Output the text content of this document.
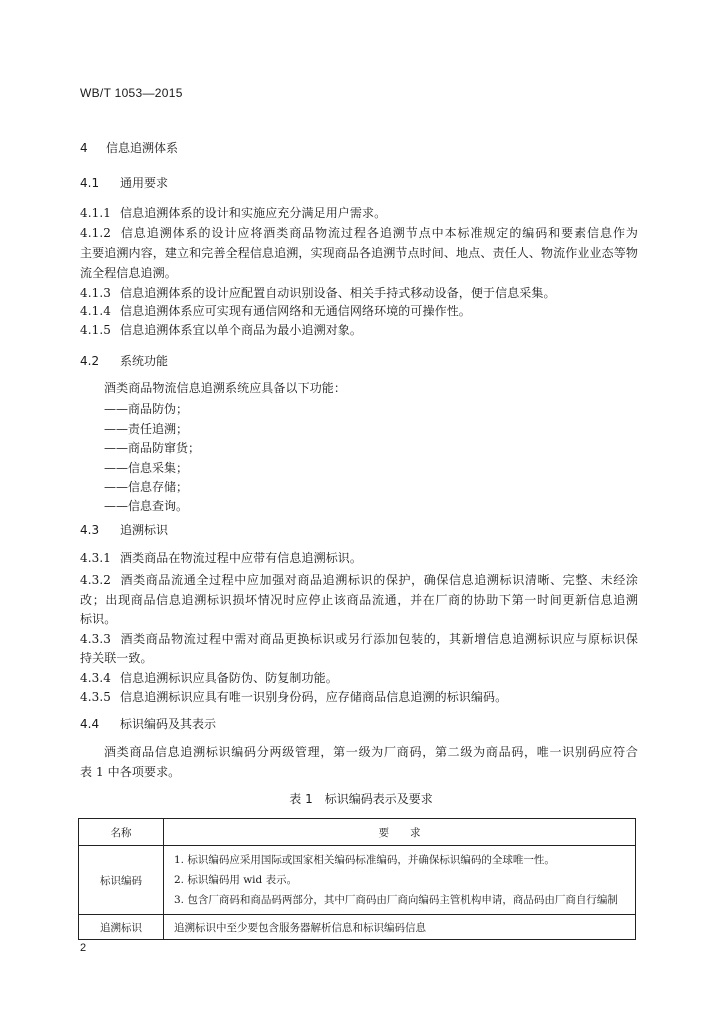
WB/T 1053—2015
4 信息追溯体系
4.1 通用要求
4.1.1 信息追溯体系的设计和实施应充分满足用户需求。
4.1.2 信息追溯体系的设计应将酒类商品物流过程各追溯节点中本标准规定的编码和要素信息作为
主要追溯内容，建立和完善全程信息追溯，实现商品各追溯节点时间、地点、责任人、物流作业业态等物
流全程信息追溯。
4.1.3 信息追溯体系的设计应配置自动识别设备、相关手持式移动设备，便于信息采集。
4.1.4 信息追溯体系应可实现有通信网络和无通信网络环境的可操作性。
4.1.5 信息追溯体系宜以单个商品为最小追溯对象。
4.2 系统功能
酒类商品物流信息追溯系统应具备以下功能：
——商品防伪；
——责任追溯；
——商品防窜货；
——信息采集；
——信息存储；
——信息查询。
4.3 追溯标识
4.3.1 酒类商品在物流过程中应带有信息追溯标识。
4.3.2 酒类商品流通全过程中应加强对商品追溯标识的保护，确保信息追溯标识清晰、完整、未经涂
改；出现商品信息追溯标识损坏情况时应停止该商品流通，并在厂商的协助下第一时间更新信息追溯
标识。
4.3.3 酒类商品物流过程中需对商品更换标识或另行添加包装的，其新增信息追溯标识应与原标识保
持关联一致。
4.3.4 信息追溯标识应具备防伪、防复制功能。
4.3.5 信息追溯标识应具有唯一识别身份码，应存储商品信息追溯的标识编码。
4.4 标识编码及其表示
酒类商品信息追溯标识编码分两级管理，第一级为厂商码，第二级为商品码，唯一识别码应符合
表 1 中各项要求。
表 1　标识编码表示及要求
名称	要　　求
标识编码	1. 标识编码应采用国际或国家相关编码标准编码，并确保标识编码的全球唯一性。
2. 标识编码用 wid 表示。
3. 包含厂商码和商品码两部分，其中厂商码由厂商向编码主管机构申请，商品码由厂商自行编制

追溯标识	追溯标识中至少要包含服务器解析信息和标识编码信息
2
